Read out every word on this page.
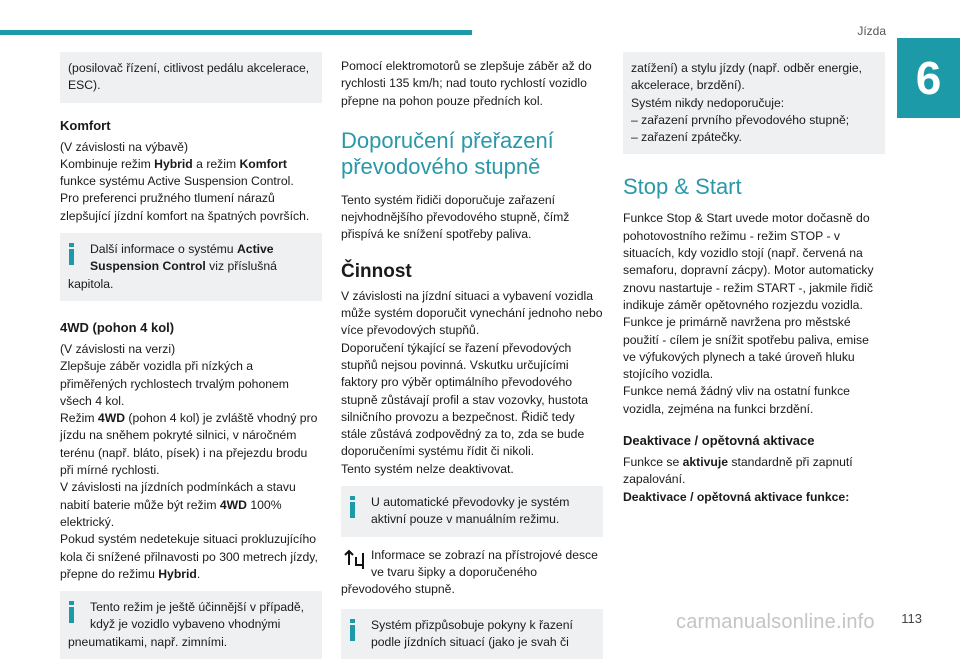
Jízda
6

(posilovač řízení, citlivost pedálu akcelerace, ESC).

Komfort

(V závislosti na výbavě)

Kombinuje režim Hybrid a režim Komfort

funkce systému Active Suspension Control.

Pro preferenci pružného tlumení nárazů zlepšující jízdní komfort na špatných površích.

Další informace o systému Active Suspension Control viz příslušná
kapitola.
4WD (pohon 4 kol)

(V závislosti na verzi)

Zlepšuje záběr vozidla při nízkých a přiměřených rychlostech trvalým pohonem všech 4 kol.

Režim 4WD (pohon 4 kol) je zvláště vhodný pro jízdu na sněhem pokryté silnici, v náročném terénu (např. bláto, písek) i na přejezdu brodu při mírné rychlosti.

V závislosti na jízdních podmínkách a stavu nabití baterie může být režim 4WD 100% elektrický.

Pokud systém nedetekuje situaci prokluzujícího kola či snížené přilnavosti po 300 metrech jízdy, přepne do režimu Hybrid.

Tento režim je ještě účinnější v případě, když je vozidlo vybaveno vhodnými
pneumatikami, např. zimními.

Pomocí elektromotorů se zlepšuje záběr až do rychlosti 135 km/h; nad touto rychlostí vozidlo přepne na pohon pouze předních kol.

Doporučení přeřazení převodového stupně

Tento systém řidiči doporučuje zařazení nejvhodnějšího převodového stupně, čímž přispívá ke snížení spotřeby paliva.

Činnost

V závislosti na jízdní situaci a vybavení vozidla může systém doporučit vynechání jednoho nebo více převodových stupňů.

Doporučení týkající se řazení převodových stupňů nejsou povinná. Vskutku určujícími faktory pro výběr optimálního převodového stupně zůstávají profil a stav vozovky, hustota silničního provozu a bezpečnost. Řidič tedy stále zůstává zodpovědný za to, zda se bude doporučeními systému řídit či nikoli.

Tento systém nelze deaktivovat.

U automatické převodovky je systém aktivní pouze v manuálním režimu.
Informace se zobrazí na přístrojové desce ve tvaru šipky a doporučeného
převodového stupně.
Systém přizpůsobuje pokyny k řazení podle jízdních situací (jako je svah či

zatížení) a stylu jízdy (např. odběr energie, akcelerace, brzdění).

Systém nikdy nedoporučuje:

– zařazení prvního převodového stupně;

– zařazení zpátečky.

Stop & Start

Funkce Stop & Start uvede motor dočasně do pohotovostního režimu - režim STOP - v situacích, kdy vozidlo stojí (např. červená na semaforu, dopravní zácpy). Motor automaticky znovu nastartuje - režim START -, jakmile řidič indikuje záměr opětovného rozjezdu vozidla. Funkce je primárně navržena pro městské použití - cílem je snížit spotřebu paliva, emise ve výfukových plynech a také úroveň hluku stojícího vozidla.

Funkce nemá žádný vliv na ostatní funkce vozidla, zejména na funkci brzdění.

Deaktivace / opětovná aktivace

Funkce se aktivuje standardně při zapnutí zapalování.

Deaktivace / opětovná aktivace funkce:

carmanualsonline.info 113
